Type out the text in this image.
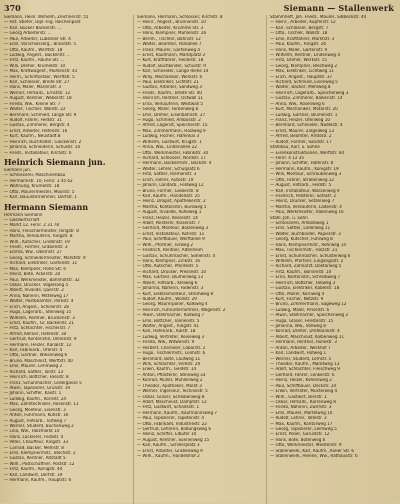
370	Siemann — Stallenwerk
Siemann, Heinr. Wilhelm, Zeichnerstr. 55
— Hst. Stiefer, Dipl.-Ing. Reichenpost
— Karl, Bücker Bäckerstr. ...
— Georg Arbeiterstr. ...
— Paul, Arbeiter, Lübecker Str. 4
— Emil, Vorschlosserg., Brandstr. 5
— Otto, Kaufm., Werftstr. 18
— Ludwig, Angest., Bäckerstr. ...
— Fritz, Kaufm., Rauhe Str. ...
— Willi, Dreher, Krümelstr. 10
— Max, Kraftwagenf., Mühlenstr. 41
— Herm., Schriftsetzer, Werftstr. 5
— Karl, Schlosser, Breite Str. 27
— Hans, Maler, Marienstr. 3
— Werner, Hilfsarb., Ernststr. 12
— August, Rentner, Weberstr. 18
— Frieda, Ww., Kleine Str. 7
— Walter, Tischler, Wallstr. 22
— Bernhard, Schmied, Lange Str. 9
— Rudolf, Fahrer, Feldstr. 31
— Gustav, Zimmerer, Bergstr. 4
— Ernst, Arbeiter, Hafenstr. 16
— Kurt, Kaufm., Neustadt 8
— Heinrich, Buchhalter, Glockenstr. 2
— Johanna, Schneiderin, Schulstr. 14
— Friedr., Installateur, Kirchstr. 6
Heinrich Siemann jun.
Siemann jun.
— Schlosserei, Maschinenbau
— Hermannstr. 10, Fernr. 3 45 62
— Wohnung, Krümelstr. 18
— Otto, Maurermeister, Moorstr. 5
— Karl, Bauunternehmer, Dorfstr. 1
Hermann Siemann
Hermann Siemann
— Gastwirtschaft
— Markt 12, Fernr. 2 31 78
— Hans, Fleischermeister, Ringstr. 8
— Martha, Verkäuferin, Ringstr. 8
— Wilh., Kutscher, Lindenstr. 19
— Friedr., Former, Grabenstr. 3
— Emma, Ww., Obernstr. 27
— Georg, Schneidermeister, Marktstr. 9
— Richard, Elektriker, Gartenstr. 11
— Max, Klempner, Hohe Str. 6
— Heinz, Bote, Ackerstr. 20
— Paul, Werkmeister, Bahnhofstr. 32
— Oskar, Drucker, Vogelsang 5
— Albert, Invalide, Querstr. 2
— Anna, Näherin, Mittelweg 17
— Walter, Postbeamter, Parkstr. 4
— Erich, Angest., Schillerstr. 28
— Hugo, Lagerarb., Steinweg 15
— Wilhelm, Rentner, Brückenstr. 3
— Ernst, Kaufm., Gr. Bäckerstr. 21
— Fritz, Schlachter, Fischerstr. 7
— Alfred, Kellner, Hafenstr. 30
— Gertrud, Kontoristin, Ulmenstr. 9
— Hermann, Heizer, Kanalstr. 12
— Karl, Fabrikarb., Uferstr. 4
— Otto, Gärtner, Wiesenweg 6
— Bruno, Maschinist, Werftstr. 40
— Emil, Maurer, Lehmweg 2
— Richard, Sattler, Torstr. 13
— Heinrich, Böttcher, Fassstr. 8
— Franz, Schuhmacher, Ledergasse 5
— Alwin, Tapezierer, Grünstr. 19
— Johann, Schiffer, Kaistr. 1
— Ludwig, Kaufm., Kornstr. 24
— Max, Zahntechniker, Rosenstr. 11
— Georg, Monteur, Eisenstr. 3
— Anton, Fuhrmann, Kuhstr. 16
— August, Hilfsarb., Torfweg 7
— Werner, Student, Buchenweg 2
— Lina, Ww., Holzmarkt 10
— Hans, Lackierer, Farbstr. 4
— Peter, Chauffeur, Ringstr. 33
— Conrad, Bäcker, Mehlstr. 8
— Emil, Klempnermstr., Blechstr. 2
— Gustav, Rentner, Altstadt 5
— Wilh., Postschaffner, Poststr. 12
— Fritz, Kaufm., Königstr. 44
— Karl, Landwirt, Dorfstr. 19
— Hermann, Kaufm., Hauptstr. 6
Siemann, Hermann, Schlosser, Kirchstr. 8
— Heinr., Angest., Brunnenstr. 10
— Otto, Arbeiter, Krumme Str. 3
— Hans, Klempner, Mühlenstr. 26
— Bernh., Tischler, Bahnstr. 12
— Walter, Beamter, Parkallee 7
— Franz, Maurer, Gartenweg 4
— Ernst, Kaufmann, Marktplatz 2
— Kurt, Kraftfahrer, Heidestr. 18
— Rudolf, Buchbinder, Schulstr. 9
— Karl, Schneider, Lange Reihe 14
— Willy, Mechaniker, Werkstr. 6
— Paul, Elektriker, Lichtstr. 21
— Gustav, Arbeiter, Sandweg 3
— Friedr., Kaufm., Breite Str. 40
— Heinrich, Rentner, Ostwall 11
— Erna, Verkäuferin, Westwall 5
— Georg, Maler, Farbenweg 8
— Emil, Dreher, Eisenbahnstr. 27
— Hugo, Schmied, Ambosstr. 2
— Alfred, Lagerist, Speicherstr. 15
— Max, Zimmermann, Holzweg 9
— Ludwig, Fischer, Hafenkai 3
— Wilhelm, Gastwirt, Krugstr. 1
— Anna, Ww., Lindenallee 22
— Otto, Werkmeister, Fabrikstr. 30
— Richard, Schlosser, Nordstr. 17
— Hermann, Bäckermstr., Backstr. 4
— Walter, Lehrer, Schulplatz 6
— Fritz, Sattler, Riemenstr. 3
— Erich, Fahrer, Autostr. 19
— Johann, Landarb., Feldweg 12
— Bruno, Former, Gießerstr. 8
— Karl, Kaufm., Handelsstr. 25
— Heinz, Drogist, Apothekerstr. 2
— Martha, Kontoristin, Büroweg 5
— August, Invalide, Ruheweg 1
— Franz, Heizer, Kesselstr. 14
— Adolf, Polsterer, Kissenstr. 7
— Gerhard, Monteur, Bolzenweg 3
— Ernst, Installateur, Rohrstr. 11
— Paul, Schiffbauer, Werftallee 9
— Wilh., Pförtner, Torweg 2
— Friedrich, Rentner, Altenheim
— Gustav, Schuhmacher, Sohlenstr. 4
— Hans, Klempner, Zinkstr. 16
— Otto, Kutscher, Pferdestr. 5
— Richard, Drucker, Pressestr. 10
— Max, Gärtner, Blumenweg 13
— Albert, Hilfsarb., Kleiweg 6
— Johanna, Näherin, Fadenstr. 3
— Kurt, Elektromonteur, Stromweg 8
— Rudolf, Kaufm., Wollstr. 29
— Georg, Maurerpolier, Kalkweg 4
— Heinrich, Fuhrunternehmer, Wagenstr. 2
— Alwin, Stellmacher, Radweg 7
— Emil, Böttcher, Tonnenstr. 5
— Walter, Angest., Ringstr. 41
— Karl, Hafenarb., Kaistr. 18
— Ludwig, Vertreter, Reiseweg 3
— Frieda, Ww., Witwenstr. 9
— Herbert, Chemiker, Laborstr. 2
— Hugo, Tischlermstr., Leimstr. 6
— Bernhard, Bote, Laufweg 11
— Willi, Schlachter, Viehstr. 20
— Erwin, Kaufm., Geldstr. 14
— Anton, Pflasterer, Steinweg 33
— Konrad, Müller, Mühlenweg 2
— Theodor, Apotheker, Markt 3
— Werner, Ingenieur, Technikstr. 5
— Oskar, Glaser, Scheibenweg 8
— Adolf, Maschinist, Dampfstr. 12
— Fritz, Gastwirt, Schankstr. 1
— Hermann, Kaufm., Kaufmannsweg 7
— Paul, Tapezierer, Tapetenstr. 4
— Otto, Fabrikant, Industriestr. 22
— Gertrud, Lehrerin, Bildungsweg 6
— Heinz, Schiffer, Elbufer 10
— August, Rentner, Sonnenweg 15
— Karl, Kaufm., Schillerplatz 3
— Ernst, Arbeiter, Grabenweg 9
— Wilh., Kaufm., Handelshof 2
Stammheft, Joh. Friedr., Maurer, Sibbeckstr. 44
— Heinr., Arbeiter, Kupferstr. 12
— Karl, Schlosser, Bergstr. 7
— Otto, Tischler, Wallstr. 18
— Emil, Kraftfahrer, Marktstr. 3
— Paul, Kaufm., Ringstr. 26
— Hans, Maler, Gartenstr. 9
— Wilhelm, Rentner, Lindenweg 4
— Fritz, Dreher, Werkstr. 15
— Georg, Klempner, Blechweg 2
— Max, Elektriker, Lichtweg 11
— Erich, Angest., Hauptstr. 37
— Richard, Schmied, Eisenweg 5
— Walter, Bäcker, Mehlweg 8
— Heinrich, Lagerarb., Speicherweg 3
— Gustav, Zimmerer, Balkenstr. 14
— Anna, Ww., Rosenweg 6
— Kurt, Mechaniker, Motorstr. 20
— Ludwig, Gärtner, Blumenstr. 1
— Franz, Heizer, Ofenweg 10
— Bernhard, Schneider, Nadelstr. 4
— Ernst, Maurer, Ziegelweg 13
— Alfred, Beamter, Amtsstr. 2
— Rudolf, Former, Sandstr. 17
Stahlbau, Karl, u. Söhne
— Eisenkonstruktionen, Werftstr. 60
— Fernr. 4 12 35
— Johann, Schiffer, Hafenstr. 8
— Hermann, Kaufm., Königstr. 19
— Willi, Monteur, Schraubenweg 3
— Otto, Fahrer, Straßenweg 12
— August, Hilfsarb., Feldstr. 5
— Karl, Installateur, Wasserweg 9
— Friedrich, Polsterer, Sofastr. 2
— Heinz, Drucker, Setzerweg 7
— Martha, Verkäuferin, Ladenstr. 4
— Paul, Werkmeister, Hallenweg 16
Stahl, Joh. u. Sohn
— Schlosserei, Amboßweg 1
— Emil, Sattler, Lederweg 11
— Walter, Buchbinder, Papierstr. 3
— Georg, Kutscher, Fuhrweg 8
— Hans, Klempnermstr., Rohrweg 14
— Max, Tischlermstr., Holzstr. 21
— Ernst, Schuhmacher, Schusterweg 6
— Wilhelm, Pförtner, Eingangsstr. 2
— Richard, Zahnarzt, Doktorweg 5
— Fritz, Kaufm., Börsenstr. 10
— Erna, Kontoristin, Schreibweg 7
— Heinrich, Böttcher, Faßweg 3
— Gustav, Elektriker, Kabelstr. 18
— Otto, Müller, Kornweg 4
— Kurt, Fischer, Netzstr. 9
— Bruno, Zimmermann, Sägeweg 12
— Ludwig, Maler, Pinselstr. 6
— Alwin, Stellmacher, Speichenweg 2
— Hugo, Glaser, Fensterstr. 15
— Johanna, Ww., Stillweg 8
— Konrad, Dreher, Drehbankstr. 4
— Albert, Maschinist, Kolbenweg 11
— Hermann, Rentner, Ruhestr. 3
— Anton, Arbeiter, Werkhof 7
— Karl, Landwirt, Hofweg 1
— Werner, Student, Lernstr. 5
— Theodor, Kaufm., Marktweg 13
— Adolf, Schlachter, Fleischweg 9
— Gerhard, Fahrer, Lenkerstr. 6
— Heinz, Heizer, Kohlenweg 2
— Paul, Schiffbauer, Dockstr. 20
— Erwin, Vertreter, Musterweg 4
— Wilh., Gastwirt, Bierstr. 1
— Oskar, Hilfsarb., Karrenweg 8
— Frieda, Näherin, Zwirnstr. 3
— Emil, Maurer, Mörtelweg 10
— Rudolf, Lehrer, Tafelstr. 2
— Max, Kaufm., Kontorweg 17
— Georg, Tapezierer, Leimweg 5
— Ernst, Polier, Gerüststr. 12
— Hans, Bote, Botenweg 6
— Otto, Werkmeister, Meisterstr. 9
— Stallenwerk, Karl, Kaufm., Kieler Str. 6
— Stallenwerk, Helene, Ww., Rathausstr. 6
